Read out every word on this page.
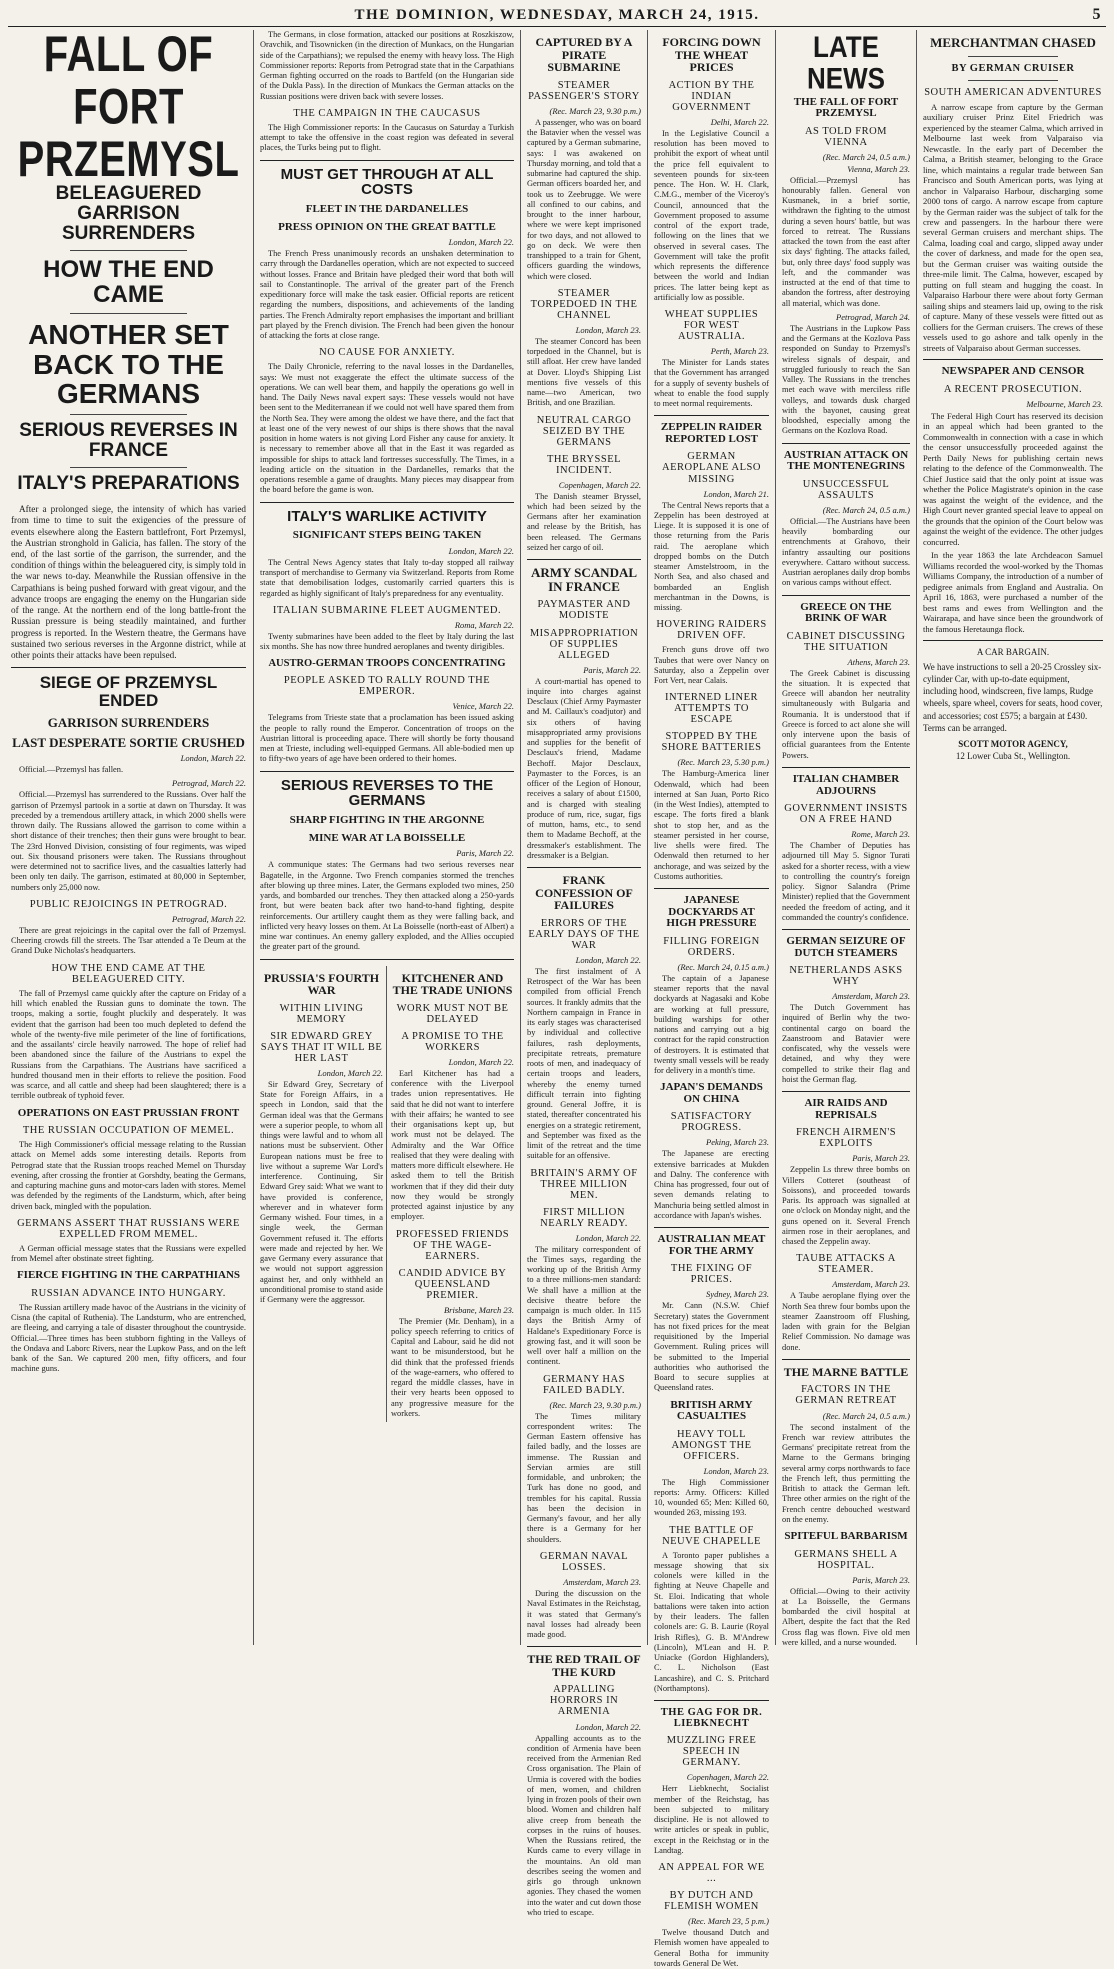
THE DOMINION, WEDNESDAY, MARCH 24, 1915.	5
FALL OF FORT PRZEMYSL
BELEAGUERED GARRISON SURRENDERS
HOW THE END CAME
ANOTHER SET BACK TO THE GERMANS
SERIOUS REVERSES IN FRANCE
ITALY'S PREPARATIONS
After a prolonged siege, the intensity of which has varied from time to time to suit the exigencies of the pressure of events elsewhere along the Eastern battlefront, Fort Przemysl, the Austrian stronghold in Galicia, has fallen. The story of the end, of the last sortie of the garrison, the surrender, and the condition of things within the beleaguered city, is simply told in the war news to-day. Meanwhile the Russian offensive in the Carpathians is being pushed forward with great vigour, and the advance troops are engaging the enemy on the Hungarian side of the range. At the northern end of the long battle-front the Russian pressure is being steadily maintained, and further progress is reported. In the Western theatre, the Germans have sustained two serious reverses in the Argonne district, while at other points their attacks have been repulsed.
SIEGE OF PRZEMYSL ENDED
GARRISON SURRENDERS
LAST DESPERATE SORTIE CRUSHED
London, March 22.
Official.—Przemysl has fallen.
Petrograd, March 22.
Official.—Przemysl has surrendered to the Russians. Over half the garrison of Przemysl partook in a sortie at dawn on Thursday. It was preceded by a tremendous artillery attack, in which 2000 shells were thrown daily. The Russians allowed the garrison to come within a short distance of their trenches; then their guns were brought to bear. The 23rd Honved Division, consisting of four regiments, was wiped out. Six thousand prisoners were taken. The Russians throughout were determined not to sacrifice lives, and the casualties latterly had been only ten daily. The garrison, estimated at 80,000 in September, numbers only 25,000 now.
PUBLIC REJOICINGS IN PETROGRAD.
Petrograd, March 22.
There are great rejoicings in the capital over the fall of Przemysl. Cheering crowds fill the streets. The Tsar attended a Te Deum at the Grand Duke Nicholas's headquarters.
HOW THE END CAME AT THE BELEAGUERED CITY.
The fall of Przemysl came quickly after the capture on Friday of a hill which enabled the Russian guns to dominate the town. The troops, making a sortie, fought pluckily and desperately. It was evident that the garrison had been too much depleted to defend the whole of the twenty-five mile perimeter of the line of fortifications, and the assailants' circle heavily narrowed. The hope of relief had been abandoned since the failure of the Austrians to expel the Russians from the Carpathians. The Austrians have sacrificed a hundred thousand men in their efforts to relieve the position. Food was scarce, and all cattle and sheep had been slaughtered; there is a terrible outbreak of typhoid fever.
OPERATIONS ON EAST PRUSSIAN FRONT
THE RUSSIAN OCCUPATION OF MEMEL.
The High Commissioner's official message relating to the Russian attack on Memel adds some interesting details. Reports from Petrograd state that the Russian troops reached Memel on Thursday evening, after crossing the frontier at Gorshdty, beating the Germans, and capturing machine guns and motor-cars laden with stores. Memel was defended by the regiments of the Landsturm, which, after being driven back, mingled with the population.
GERMANS ASSERT THAT RUSSIANS WERE EXPELLED FROM MEMEL.
A German official message states that the Russians were expelled from Memel after obstinate street fighting.
FIERCE FIGHTING IN THE CARPATHIANS
RUSSIAN ADVANCE INTO HUNGARY.
The Russian artillery made havoc of the Austrians in the vicinity of Cisna (the capital of Ruthenia). The Landsturm, who are entrenched, are fleeing, and carrying a tale of disaster throughout the countryside. Official.—Three times has been stubborn fighting in the Valleys of the Ondava and Laborc Rivers, near the Lupkow Pass, and on the left bank of the San. We captured 200 men, fifty officers, and four machine guns.
The Germans, in close formation, attacked our positions at Roszkiszow, Oravchik, and Tisownicken (in the direction of Munkacs, on the Hungarian side of the Carpathians); we repulsed the enemy with heavy loss. The High Commissioner reports: Reports from Petrograd state that in the Carpathians German fighting occurred on the roads to Bartfeld (on the Hungarian side of the Dukla Pass). In the direction of Munkacs the German attacks on the Russian positions were driven back with severe losses.
THE CAMPAIGN IN THE CAUCASUS
The High Commissioner reports: In the Caucasus on Saturday a Turkish attempt to take the offensive in the coast region was defeated in several places, the Turks being put to flight.
MUST GET THROUGH AT ALL COSTS
FLEET IN THE DARDANELLES
PRESS OPINION ON THE GREAT BATTLE
London, March 22.
The French Press unanimously records an unshaken determination to carry through the Dardanelles operation, which are not expected to succeed without losses. France and Britain have pledged their word that both will sail to Constantinople. The arrival of the greater part of the French expeditionary force will make the task easier. Official reports are reticent regarding the numbers, dispositions, and achievements of the landing parties. The French Admiralty report emphasises the important and brilliant part played by the French division. The French had been given the honour of attacking the forts at close range.
NO CAUSE FOR ANXIETY.
The Daily Chronicle, referring to the naval losses in the Dardanelles, says: We must not exaggerate the effect the ultimate success of the operations. We can well bear them, and happily the operations go well in hand. The Daily News naval expert says: These vessels would not have been sent to the Mediterranean if we could not well have spared them from the North Sea. They were among the oldest we have there, and the fact that at least one of the very newest of our ships is there shows that the naval position in home waters is not giving Lord Fisher any cause for anxiety. It is necessary to remember above all that in the East it was regarded as impossible for ships to attack land fortresses successfully. The Times, in a leading article on the situation in the Dardanelles, remarks that the operations resemble a game of draughts. Many pieces may disappear from the board before the game is won.
ITALY'S WARLIKE ACTIVITY
SIGNIFICANT STEPS BEING TAKEN
London, March 22.
The Central News Agency states that Italy to-day stopped all railway transport of merchandise to Germany via Switzerland. Reports from Rome state that demobilisation lodges, customarily carried quarters this is regarded as highly significant of Italy's preparedness for any eventuality.
ITALIAN SUBMARINE FLEET AUGMENTED.
Roma, March 22.
Twenty submarines have been added to the fleet by Italy during the last six months. She has now three hundred aeroplanes and twenty dirigibles.
AUSTRO-GERMAN TROOPS CONCENTRATING
PEOPLE ASKED TO RALLY ROUND THE EMPEROR.
Venice, March 22.
Telegrams from Trieste state that a proclamation has been issued asking the people to rally round the Emperor. Concentration of troops on the Austrian littoral is proceeding apace. There will shortly be forty thousand men at Trieste, including well-equipped Germans. All able-bodied men up to fifty-two years of age have been ordered to their homes.
SERIOUS REVERSES TO THE GERMANS
SHARP FIGHTING IN THE ARGONNE
MINE WAR AT LA BOISSELLE
Paris, March 22.
A communique states: The Germans had two serious reverses near Bagatelle, in the Argonne. Two French companies stormed the trenches after blowing up three mines. Later, the Germans exploded two mines, 250 yards, and bombarded our trenches. They then attacked along a 250-yards front, but were beaten back after two hand-to-hand fighting, despite reinforcements. Our artillery caught them as they were falling back, and inflicted very heavy losses on them. At La Boisselle (north-east of Albert) a mine war continues. An enemy gallery exploded, and the Allies occupied the greater part of the ground.
PRUSSIA'S FOURTH WAR
WITHIN LIVING MEMORY
SIR EDWARD GREY SAYS THAT IT WILL BE HER LAST
London, March 22.
Sir Edward Grey, Secretary of State for Foreign Affairs, in a speech in London, said that the German ideal was that the Germans were a superior people, to whom all things were lawful and to whom all nations must be subservient. Other European nations must be free to live without a supreme War Lord's interference. Continuing, Sir Edward Grey said: What we want to have provided is conference, wherever and in whatever form Germany wished. Four times, in a single week, the German Government refused it. The efforts were made and rejected by her. We gave Germany every assurance that we would not support aggression against her, and only withheld an unconditional promise to stand aside if Germany were the aggressor.
KITCHENER AND THE TRADE UNIONS
WORK MUST NOT BE DELAYED
A PROMISE TO THE WORKERS
London, March 22.
Earl Kitchener has had a conference with the Liverpool trades union representatives. He said that he did not want to interfere with their affairs; he wanted to see their organisations kept up, but work must not be delayed. The Admiralty and the War Office realised that they were dealing with matters more difficult elsewhere. He asked them to tell the British workmen that if they did their duty now they would be strongly protected against injustice by any employer.
PROFESSED FRIENDS OF THE WAGE-EARNERS.
CANDID ADVICE BY QUEENSLAND PREMIER.
Brisbane, March 23.
The Premier (Mr. Denham), in a policy speech referring to critics of Capital and Labour, said he did not want to be misunderstood, but he did think that the professed friends of the wage-earners, who offered to regard the middle classes, have in their very hearts been opposed to any progressive measure for the workers.
CAPTURED BY A PIRATE SUBMARINE
STEAMER PASSENGER'S STORY
(Rec. March 23, 9.30 p.m.)
A passenger, who was on board the Batavier when the vessel was captured by a German submarine, says: I was awakened on Thursday morning, and told that a submarine had captured the ship. German officers boarded her, and took us to Zeebrugge. We were all confined to our cabins, and brought to the inner harbour, where we were kept imprisoned for two days, and not allowed to go on deck. We were then transhipped to a train for Ghent, officers guarding the windows, which were closed.
STEAMER TORPEDOED IN THE CHANNEL
London, March 23.
The steamer Concord has been torpedoed in the Channel, but is still afloat. Her crew have landed at Dover. Lloyd's Shipping List mentions five vessels of this name—two American, two British, and one Brazilian.
NEUTRAL CARGO SEIZED BY THE GERMANS
THE BRYSSEL INCIDENT.
Copenhagen, March 22.
The Danish steamer Bryssel, which had been seized by the Germans after her examination and release by the British, has been released. The Germans seized her cargo of oil.
ARMY SCANDAL IN FRANCE
PAYMASTER AND MODISTE
MISAPPROPRIATION OF SUPPLIES ALLEGED
Paris, March 22.
A court-martial has opened to inquire into charges against Desclaux (Chief Army Paymaster and M. Caillaux's coadjutor) and six others of having misappropriated army provisions and supplies for the benefit of Desclaux's friend, Madame Bechoff. Major Desclaux, Paymaster to the Forces, is an officer of the Legion of Honour, receives a salary of about £1500, and is charged with stealing produce of rum, rice, sugar, figs of mutton, hams, etc., to send them to Madame Bechoff, at the dressmaker's establishment. The dressmaker is a Belgian.
FRANK CONFESSION OF FAILURES
ERRORS OF THE EARLY DAYS OF THE WAR
London, March 22.
The first instalment of A Retrospect of the War has been compiled from official French sources. It frankly admits that the Northern campaign in France in its early stages was characterised by individual and collective failures, rash deployments, precipitate retreats, premature roots of men, and inadequacy of certain troops and leaders, whereby the enemy turned difficult terrain into fighting ground. General Joffre, it is stated, thereafter concentrated his energies on a strategic retirement, and September was fixed as the limit of the retreat and the time suitable for an offensive.
BRITAIN'S ARMY OF THREE MILLION MEN.
FIRST MILLION NEARLY READY.
London, March 22.
The military correspondent of the Times says, regarding the working up of the British Army to a three millions-men standard: We shall have a million at the decisive theatre before the campaign is much older. In 115 days the British Army of Haldane's Expeditionary Force is growing fast, and it will soon be well over half a million on the continent.
GERMANY HAS FAILED BADLY.
(Rec. March 23, 9.30 p.m.)
The Times military correspondent writes: The German Eastern offensive has failed badly, and the losses are immense. The Russian and Servian armies are still formidable, and unbroken; the Turk has done no good, and trembles for his capital. Russia has been the decision in Germany's favour, and her ally there is a Germany for her shoulders.
GERMAN NAVAL LOSSES.
Amsterdam, March 23.
During the discussion on the Naval Estimates in the Reichstag, it was stated that Germany's naval losses had already been made good.
THE RED TRAIL OF THE KURD
APPALLING HORRORS IN ARMENIA
London, March 22.
Appalling accounts as to the condition of Armenia have been received from the Armenian Red Cross organisation. The Plain of Urmia is covered with the bodies of men, women, and children lying in frozen pools of their own blood. Women and children half alive creep from beneath the corpses in the ruins of houses. When the Russians retired, the Kurds came to every village in the mountains. An old man describes seeing the women and girls go through unknown agonies. They chased the women into the water and cut down those who tried to escape.
FORCING DOWN THE WHEAT PRICES
ACTION BY THE INDIAN GOVERNMENT
Delhi, March 22.
In the Legislative Council a resolution has been moved to prohibit the export of wheat until the price fell equivalent to seventeen pounds for six-teen pence. The Hon. W. H. Clark, C.M.G., member of the Viceroy's Council, announced that the Government proposed to assume control of the export trade, following on the lines that we observed in several cases. The Government will take the profit which represents the difference between the world and Indian prices. The latter being kept as artificially low as possible.
WHEAT SUPPLIES FOR WEST AUSTRALIA.
Perth, March 23.
The Minister for Lands states that the Government has arranged for a supply of seventy bushels of wheat to enable the food supply to meet normal requirements.
ZEPPELIN RAIDER REPORTED LOST
GERMAN AEROPLANE ALSO MISSING
London, March 21.
The Central News reports that a Zeppelin has been destroyed at Liege. It is supposed it is one of those returning from the Paris raid. The aeroplane which dropped bombs on the Dutch steamer Amstelstroom, in the North Sea, and also chased and bombarded an English merchantman in the Downs, is missing.
HOVERING RAIDERS DRIVEN OFF.
French guns drove off two Taubes that were over Nancy on Saturday, also a Zeppelin over Fort Vert, near Calais.
INTERNED LINER ATTEMPTS TO ESCAPE
STOPPED BY THE SHORE BATTERIES
(Rec. March 23, 5.30 p.m.)
The Hamburg-America liner Odenwald, which had been interned at San Juan, Porto Rico (in the West Indies), attempted to escape. The forts fired a blank shot to stop her, and as the steamer persisted in her course, live shells were fired. The Odenwald then returned to her anchorage, and was seized by the Customs authorities.
JAPANESE DOCKYARDS AT HIGH PRESSURE
FILLING FOREIGN ORDERS.
(Rec. March 24, 0.15 a.m.)
The captain of a Japanese steamer reports that the naval dockyards at Nagasaki and Kobe are working at full pressure, building warships for other nations and carrying out a big contract for the rapid construction of destroyers. It is estimated that twenty small vessels will be ready for delivery in a month's time.
JAPAN'S DEMANDS ON CHINA
SATISFACTORY PROGRESS.
Peking, March 23.
The Japanese are erecting extensive barricades at Mukden and Dalny. The conference with China has progressed, four out of seven demands relating to Manchuria being settled almost in accordance with Japan's wishes.
AUSTRALIAN MEAT FOR THE ARMY
THE FIXING OF PRICES.
Sydney, March 23.
Mr. Cann (N.S.W. Chief Secretary) states the Government has not fixed prices for the meat requisitioned by the Imperial Government. Ruling prices will be submitted to the Imperial authorities who authorised the Board to secure supplies at Queensland rates.
BRITISH ARMY CASUALTIES
HEAVY TOLL AMONGST THE OFFICERS.
London, March 23.
The High Commissioner reports: Army. Officers: Killed 10, wounded 65; Men: Killed 60, wounded 263, missing 193.
THE BATTLE OF NEUVE CHAPELLE
A Toronto paper publishes a message showing that six colonels were killed in the fighting at Neuve Chapelle and St. Eloi. Indicating that whole battalions were taken into action by their leaders. The fallen colonels are: G. B. Laurie (Royal Irish Rifles), G. B. M'Andrew (Lincoln), M'Lean and H. P. Uniacke (Gordon Highlanders), C. L. Nicholson (East Lancashire), and C. S. Pritchard (Northamptons).
THE GAG FOR DR. LIEBKNECHT
MUZZLING FREE SPEECH IN GERMANY.
Copenhagen, March 22.
Herr Liebknecht, Socialist member of the Reichstag, has been subjected to military discipline. He is not allowed to write articles or speak in public, except in the Reichstag or in the Landtag.
AN APPEAL FOR WE ...
BY DUTCH AND FLEMISH WOMEN
(Rec. March 23, 5 p.m.)
Twelve thousand Dutch and Flemish women have appealed to General Botha for immunity towards General De Wet.
LATE NEWS
THE FALL OF FORT PRZEMYSL
AS TOLD FROM VIENNA
(Rec. March 24, 0.5 a.m.)
Vienna, March 23.
Official.—Przemysl has honourably fallen. General von Kusmanek, in a brief sortie, withdrawn the fighting to the utmost during a seven hours' battle, but was forced to retreat. The Russians attacked the town from the east after six days' fighting. The attacks failed, but, only three days' food supply was left, and the commander was instructed at the end of that time to abandon the fortress, after destroying all material, which was done.
Petrograd, March 24.
The Austrians in the Lupkow Pass and the Germans at the Kozlova Pass responded on Sunday to Przemysl's wireless signals of despair, and struggled furiously to reach the San Valley. The Russians in the trenches met each wave with merciless rifle volleys, and towards dusk charged with the bayonet, causing great bloodshed, especially among the Germans on the Kozlova Road.
AUSTRIAN ATTACK ON THE MONTENEGRINS
UNSUCCESSFUL ASSAULTS
(Rec. March 24, 0.5 a.m.)
Official.—The Austrians have been heavily bombarding our entrenchments at Grahovo, their infantry assaulting our positions everywhere. Cattaro without success. Austrian aeroplanes daily drop bombs on various camps without effect.
GREECE ON THE BRINK OF WAR
CABINET DISCUSSING THE SITUATION
Athens, March 23.
The Greek Cabinet is discussing the situation. It is expected that Greece will abandon her neutrality simultaneously with Bulgaria and Roumania. It is understood that if Greece is forced to act alone she will only intervene upon the basis of official guarantees from the Entente Powers.
ITALIAN CHAMBER ADJOURNS
GOVERNMENT INSISTS ON A FREE HAND
Rome, March 23.
The Chamber of Deputies has adjourned till May 5. Signor Turati asked for a shorter recess, with a view to controlling the country's foreign policy. Signor Salandra (Prime Minister) replied that the Government needed the freedom of acting, and it commanded the country's confidence.
GERMAN SEIZURE OF DUTCH STEAMERS
NETHERLANDS ASKS WHY
Amsterdam, March 23.
The Dutch Government has inquired of Berlin why the two-continental cargo on board the Zaanstroom and Batavier were confiscated, why the vessels were detained, and why they were compelled to strike their flag and hoist the German flag.
AIR RAIDS AND REPRISALS
FRENCH AIRMEN'S EXPLOITS
Paris, March 23.
Zeppelin Ls threw three bombs on Villers Cotteret (southeast of Soissons), and proceeded towards Paris. Its approach was signalled at one o'clock on Monday night, and the guns opened on it. Several French airmen rose in their aeroplanes, and chased the Zeppelin away.
TAUBE ATTACKS A STEAMER.
Amsterdam, March 23.
A Taube aeroplane flying over the North Sea threw four bombs upon the steamer Zaanstroom off Flushing, laden with grain for the Belgian Relief Commission. No damage was done.
THE MARNE BATTLE
FACTORS IN THE GERMAN RETREAT
(Rec. March 24, 0.5 a.m.)
The second instalment of the French war review attributes the Germans' precipitate retreat from the Marne to the Germans bringing several army corps northwards to face the French left, thus permitting the British to attack the German left. Three other armies on the right of the French centre debouched westward on the enemy.
SPITEFUL BARBARISM
GERMANS SHELL A HOSPITAL.
Paris, March 23.
Official.—Owing to their activity at La Boisselle, the Germans bombarded the civil hospital at Albert, despite the fact that the Red Cross flag was flown. Five old men were killed, and a nurse wounded.
MERCHANTMAN CHASED
BY GERMAN CRUISER
SOUTH AMERICAN ADVENTURES
A narrow escape from capture by the German auxiliary cruiser Prinz Eitel Friedrich was experienced by the steamer Calma, which arrived in Melbourne last week from Valparaiso via Newcastle. In the early part of December the Calma, a British steamer, belonging to the Grace line, which maintains a regular trade between San Francisco and South American ports, was lying at anchor in Valparaiso Harbour, discharging some 2000 tons of cargo. A narrow escape from capture by the German raider was the subject of talk for the crew and passengers. In the harbour there were several German cruisers and merchant ships. The Calma, loading coal and cargo, slipped away under the cover of darkness, and made for the open sea, but the German cruiser was waiting outside the three-mile limit. The Calma, however, escaped by putting on full steam and hugging the coast. In Valparaiso Harbour there were about forty German sailing ships and steamers laid up, owing to the risk of capture. Many of these vessels were fitted out as colliers for the German cruisers. The crews of these vessels used to go ashore and talk openly in the streets of Valparaiso about German successes.
NEWSPAPER AND CENSOR
A RECENT PROSECUTION.
Melbourne, March 23.
The Federal High Court has reserved its decision in an appeal which had been granted to the Commonwealth in connection with a case in which the censor unsuccessfully proceeded against the Perth Daily News for publishing certain news relating to the defence of the Commonwealth. The Chief Justice said that the only point at issue was whether the Police Magistrate's opinion in the case was against the weight of the evidence, and the High Court never granted special leave to appeal on the grounds that the opinion of the Court below was against the weight of the evidence. The other judges concurred.
In the year 1863 the late Archdeacon Samuel Williams recorded the wool-worked by the Thomas Williams Company, the introduction of a number of pedigree animals from England and Australia. On April 16, 1863, were purchased a number of the best rams and ewes from Wellington and the Wairarapa, and have since been the groundwork of the famous Heretaunga flock.
A CAR BARGAIN.
We have instructions to sell a 20-25 Crossley six-cylinder Car, with up-to-date equipment, including hood, windscreen, five lamps, Rudge wheels, spare wheel, covers for seats, hood cover, and accessories; cost £575; a bargain at £430. Terms can be arranged.
SCOTT MOTOR AGENCY,
12 Lower Cuba St., Wellington.
